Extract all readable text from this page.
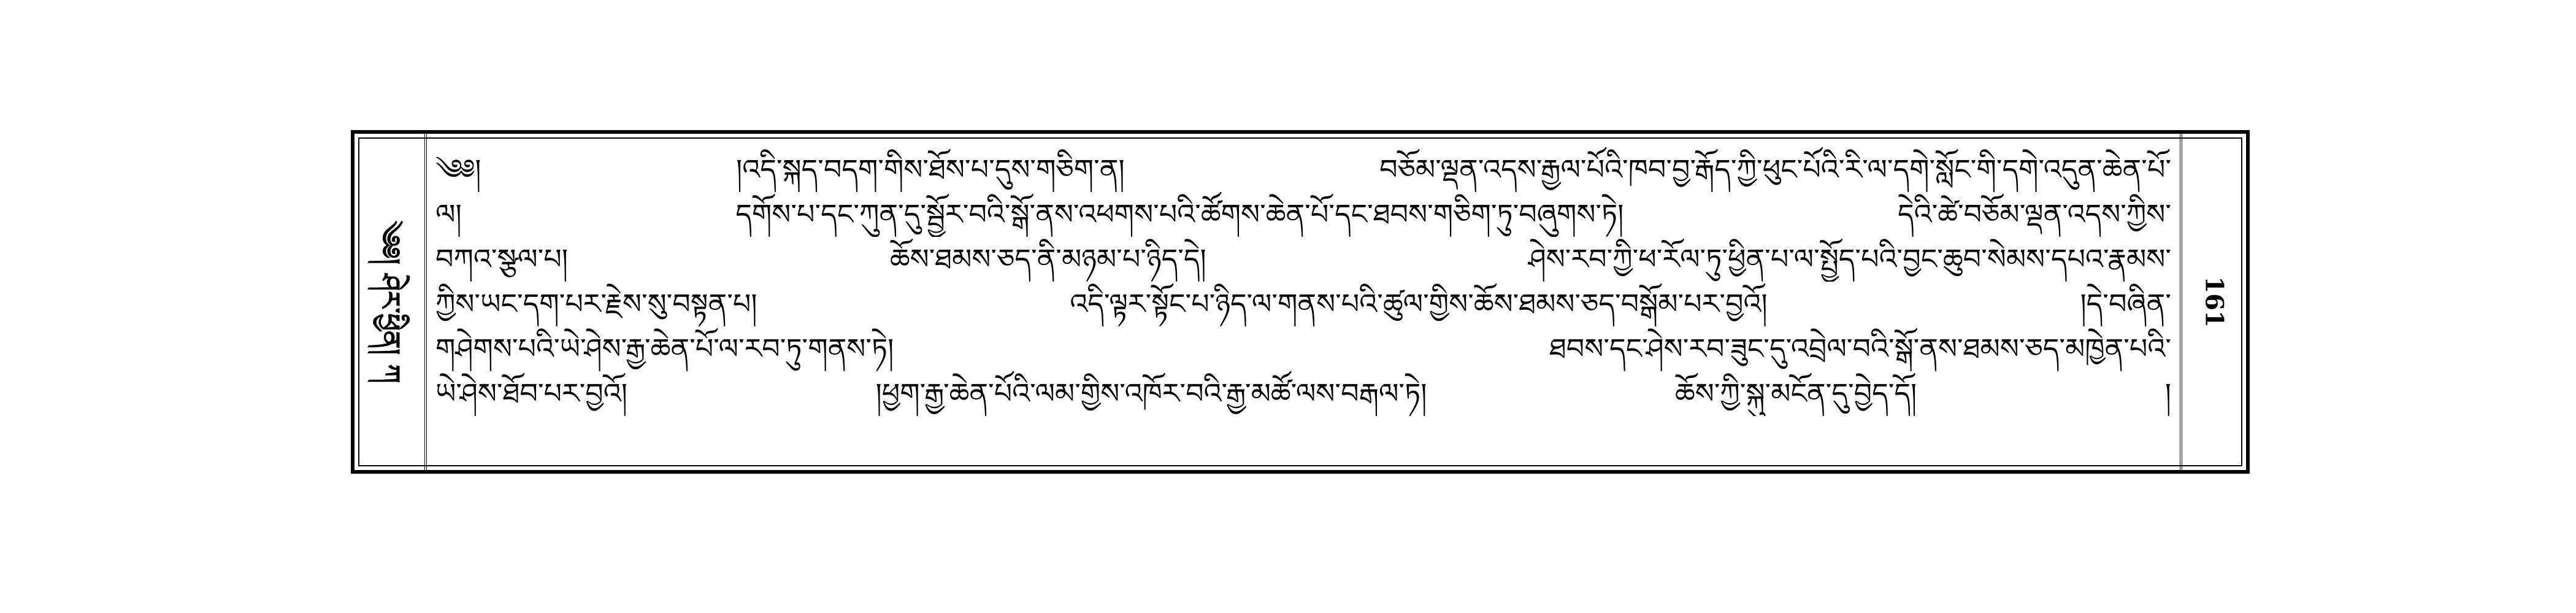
༄༅། ཤེར་ཕྱིན། ཀ
༄༅། །འདི་སྐད་བདག་གིས་ཐོས་པ་དུས་གཅིག་ན། བཅོམ་ལྡན་འདས་རྒྱལ་པོའི་ཁབ་བྱ་རྒོད་ཀྱི་ཕུང་པོའི་རི་ལ་དགེ་སློང་གི་དགེ་འདུན་ཆེན་པོ་
ལ། དགོས་པ་དང་ཀུན་དུ་སྦྱོར་བའི་སྒོ་ནས་འཕགས་པའི་ཚོགས་ཆེན་པོ་དང་ཐབས་གཅིག་ཏུ་བཞུགས་ཏེ། དེའི་ཚེ་བཅོམ་ལྡན་འདས་ཀྱིས་
བཀའ་སྩལ་པ། ཆོས་ཐམས་ཅད་ནི་མཉམ་པ་ཉིད་དེ། ཤེས་རབ་ཀྱི་ཕ་རོལ་ཏུ་ཕྱིན་པ་ལ་སྤྱོད་པའི་བྱང་ཆུབ་སེམས་དཔའ་རྣམས་
ཀྱིས་ཡང་དག་པར་རྗེས་སུ་བསྟན་པ། འདི་ལྟར་སྟོང་པ་ཉིད་ལ་གནས་པའི་ཚུལ་གྱིས་ཆོས་ཐམས་ཅད་བསྒོམ་པར་བྱའོ། །དེ་བཞིན་
གཤེགས་པའི་ཡེ་ཤེས་རྒྱ་ཆེན་པོ་ལ་རབ་ཏུ་གནས་ཏེ། ཐབས་དང་ཤེས་རབ་ཟུང་དུ་འབྲེལ་བའི་སྒོ་ནས་ཐམས་ཅད་མཁྱེན་པའི་
ཡེ་ཤེས་ཐོབ་པར་བྱའོ། །ཕྱག་རྒྱ་ཆེན་པོའི་ལམ་གྱིས་འཁོར་བའི་རྒྱ་མཚོ་ལས་བརྒལ་ཏེ། ཆོས་ཀྱི་སྐུ་མངོན་དུ་བྱེད་དོ། །
161
